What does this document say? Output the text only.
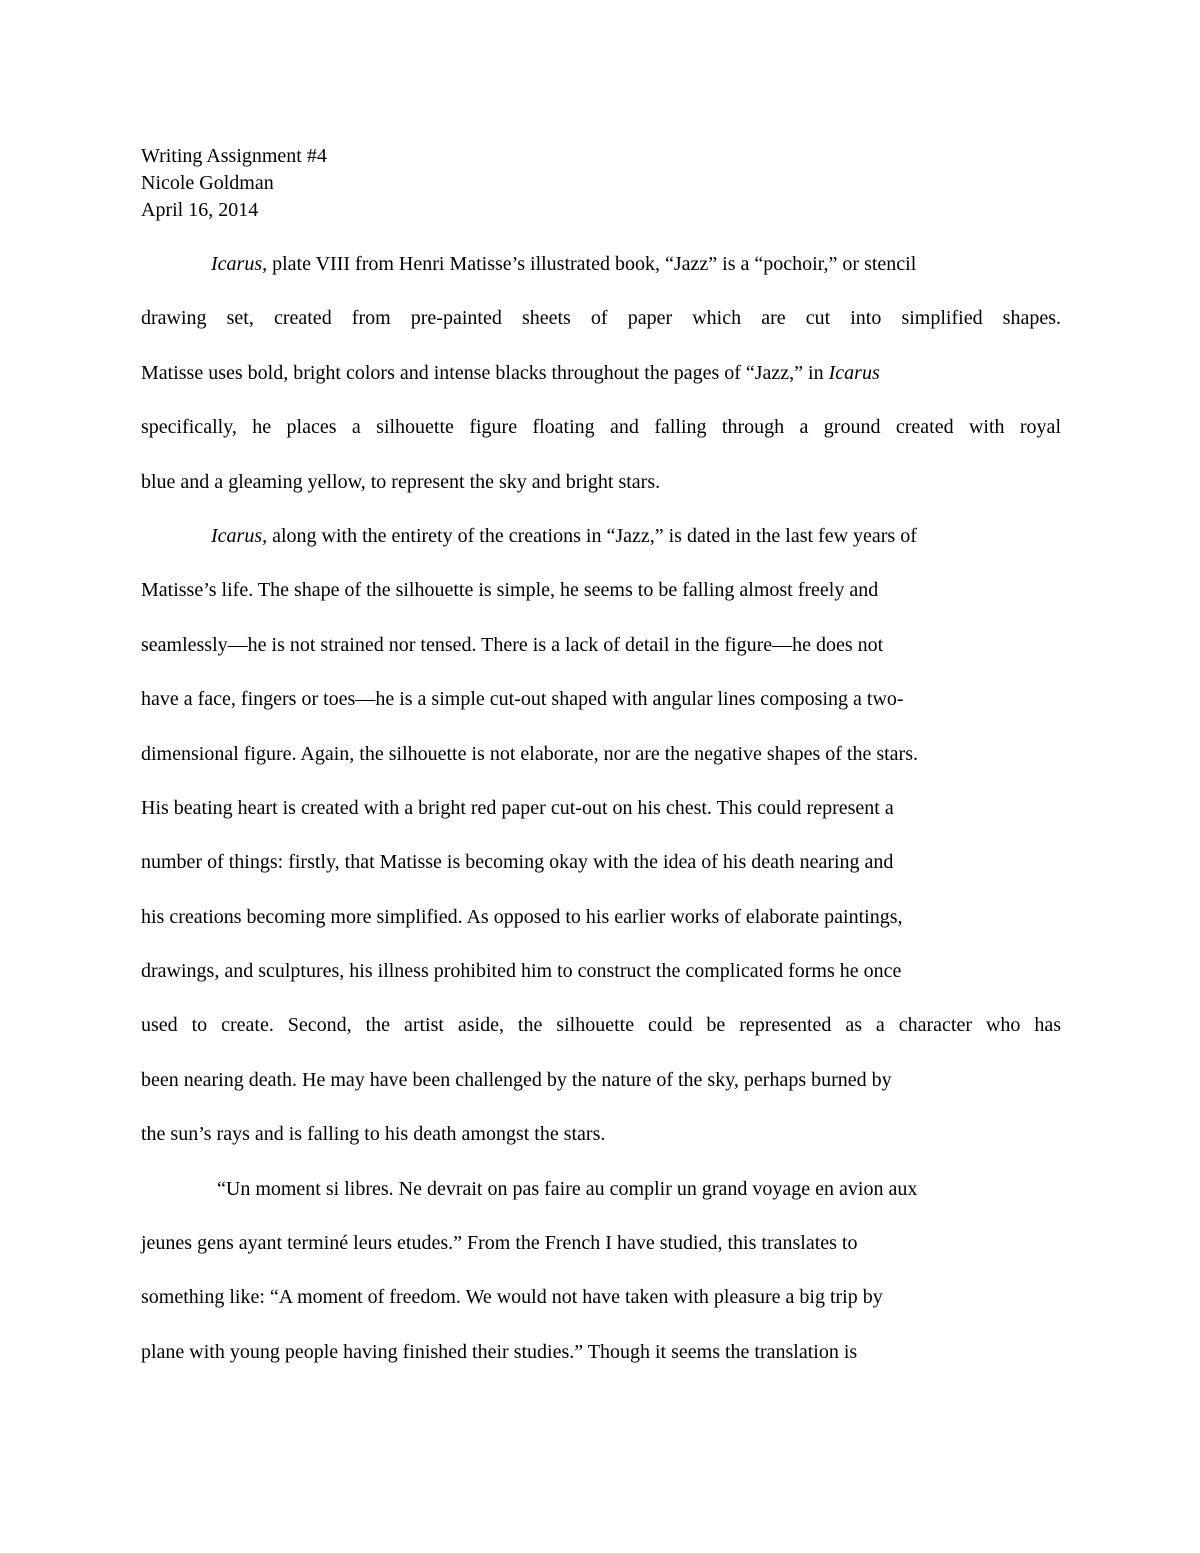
Writing Assignment #4
Nicole Goldman
April 16, 2014
Icarus, plate VIII from Henri Matisse’s illustrated book, “Jazz” is a “pochoir,” or stencil
drawing set, created from pre-painted sheets of paper which are cut into simplified shapes.
Matisse uses bold, bright colors and intense blacks throughout the pages of “Jazz,” in Icarus
specifically, he places a silhouette figure floating and falling through a ground created with royal
blue and a gleaming yellow, to represent the sky and bright stars.
Icarus, along with the entirety of the creations in “Jazz,” is dated in the last few years of
Matisse’s life. The shape of the silhouette is simple, he seems to be falling almost freely and
seamlessly—he is not strained nor tensed. There is a lack of detail in the figure—he does not
have a face, fingers or toes—he is a simple cut-out shaped with angular lines composing a two-
dimensional figure. Again, the silhouette is not elaborate, nor are the negative shapes of the stars.
His beating heart is created with a bright red paper cut-out on his chest. This could represent a
number of things: firstly, that Matisse is becoming okay with the idea of his death nearing and
his creations becoming more simplified. As opposed to his earlier works of elaborate paintings,
drawings, and sculptures, his illness prohibited him to construct the complicated forms he once
used to create. Second, the artist aside, the silhouette could be represented as a character who has
been nearing death. He may have been challenged by the nature of the sky, perhaps burned by
the sun’s rays and is falling to his death amongst the stars.
“Un moment si libres. Ne devrait on pas faire au complir un grand voyage en avion aux
jeunes gens ayant terminé leurs etudes.” From the French I have studied, this translates to
something like: “A moment of freedom. We would not have taken with pleasure a big trip by
plane with young people having finished their studies.” Though it seems the translation is
